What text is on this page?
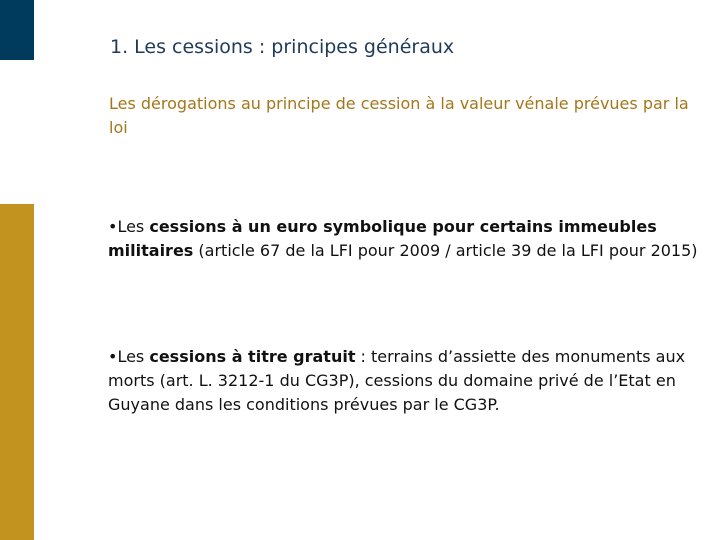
1. Les cessions : principes généraux
Les dérogations au principe de cession à la valeur vénale prévues par la loi
•Les cessions à un euro symbolique pour certains immeubles militaires (article 67 de la LFI pour 2009 / article 39 de la LFI pour 2015)
•Les cessions à titre gratuit : terrains d’assiette des monuments aux morts (art. L. 3212-1 du CG3P), cessions du domaine privé de l’Etat en Guyane dans les conditions prévues par le CG3P.
